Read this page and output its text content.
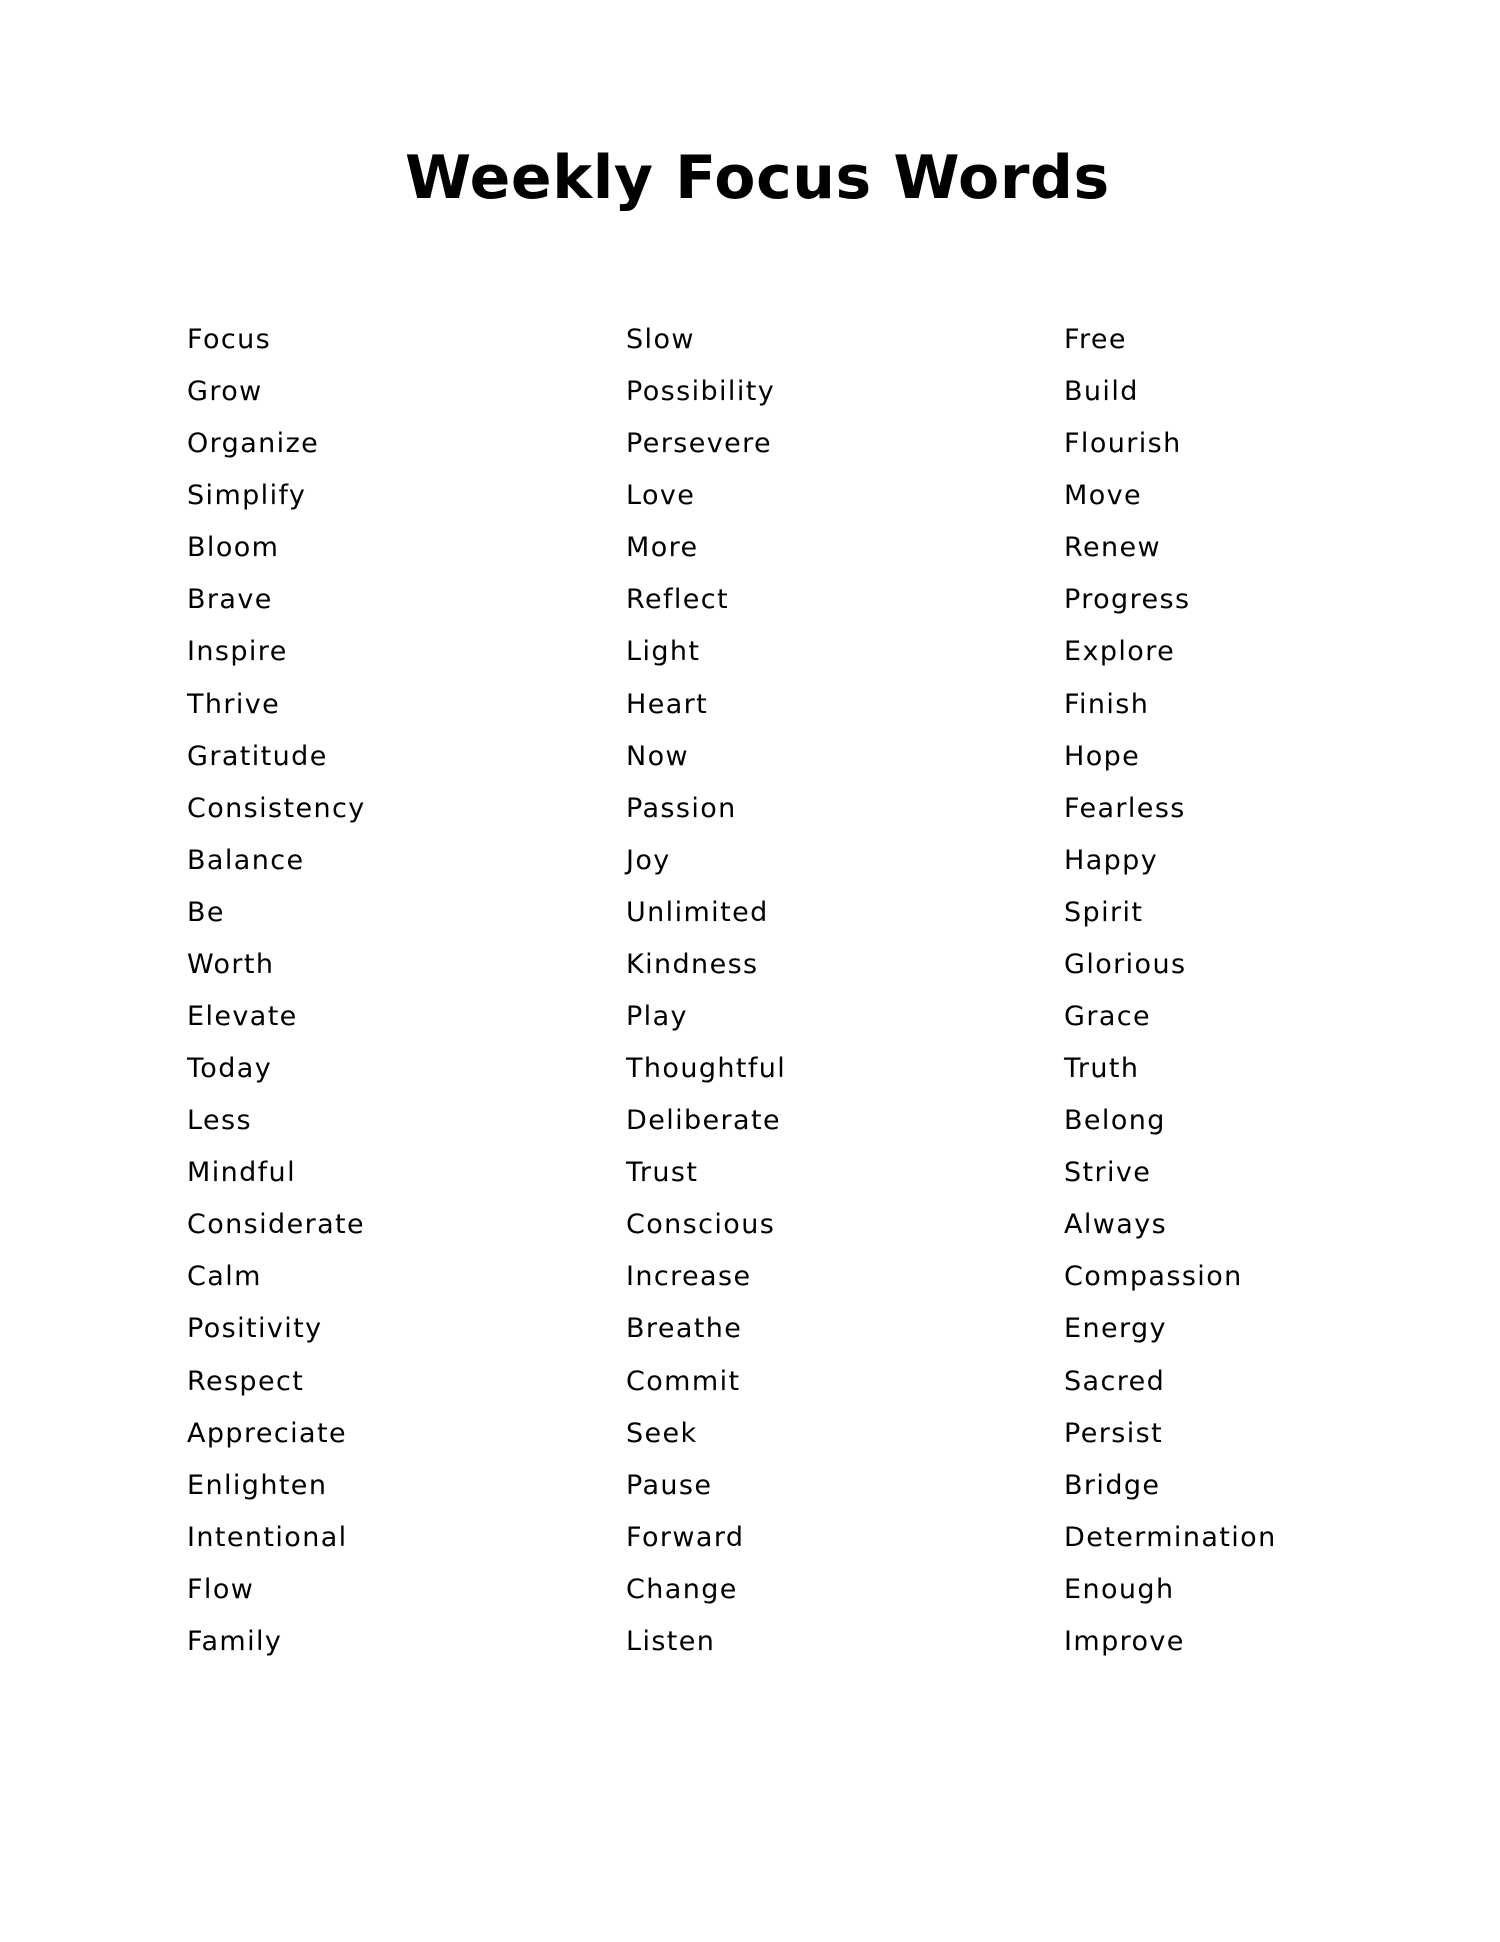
Weekly Focus Words
Focus
Grow
Organize
Simplify
Bloom
Brave
Inspire
Thrive
Gratitude
Consistency
Balance
Be
Worth
Elevate
Today
Less
Mindful
Considerate
Calm
Positivity
Respect
Appreciate
Enlighten
Intentional
Flow
Family
Slow
Possibility
Persevere
Love
More
Reflect
Light
Heart
Now
Passion
Joy
Unlimited
Kindness
Play
Thoughtful
Deliberate
Trust
Conscious
Increase
Breathe
Commit
Seek
Pause
Forward
Change
Listen
Free
Build
Flourish
Move
Renew
Progress
Explore
Finish
Hope
Fearless
Happy
Spirit
Glorious
Grace
Truth
Belong
Strive
Always
Compassion
Energy
Sacred
Persist
Bridge
Determination
Enough
Improve
